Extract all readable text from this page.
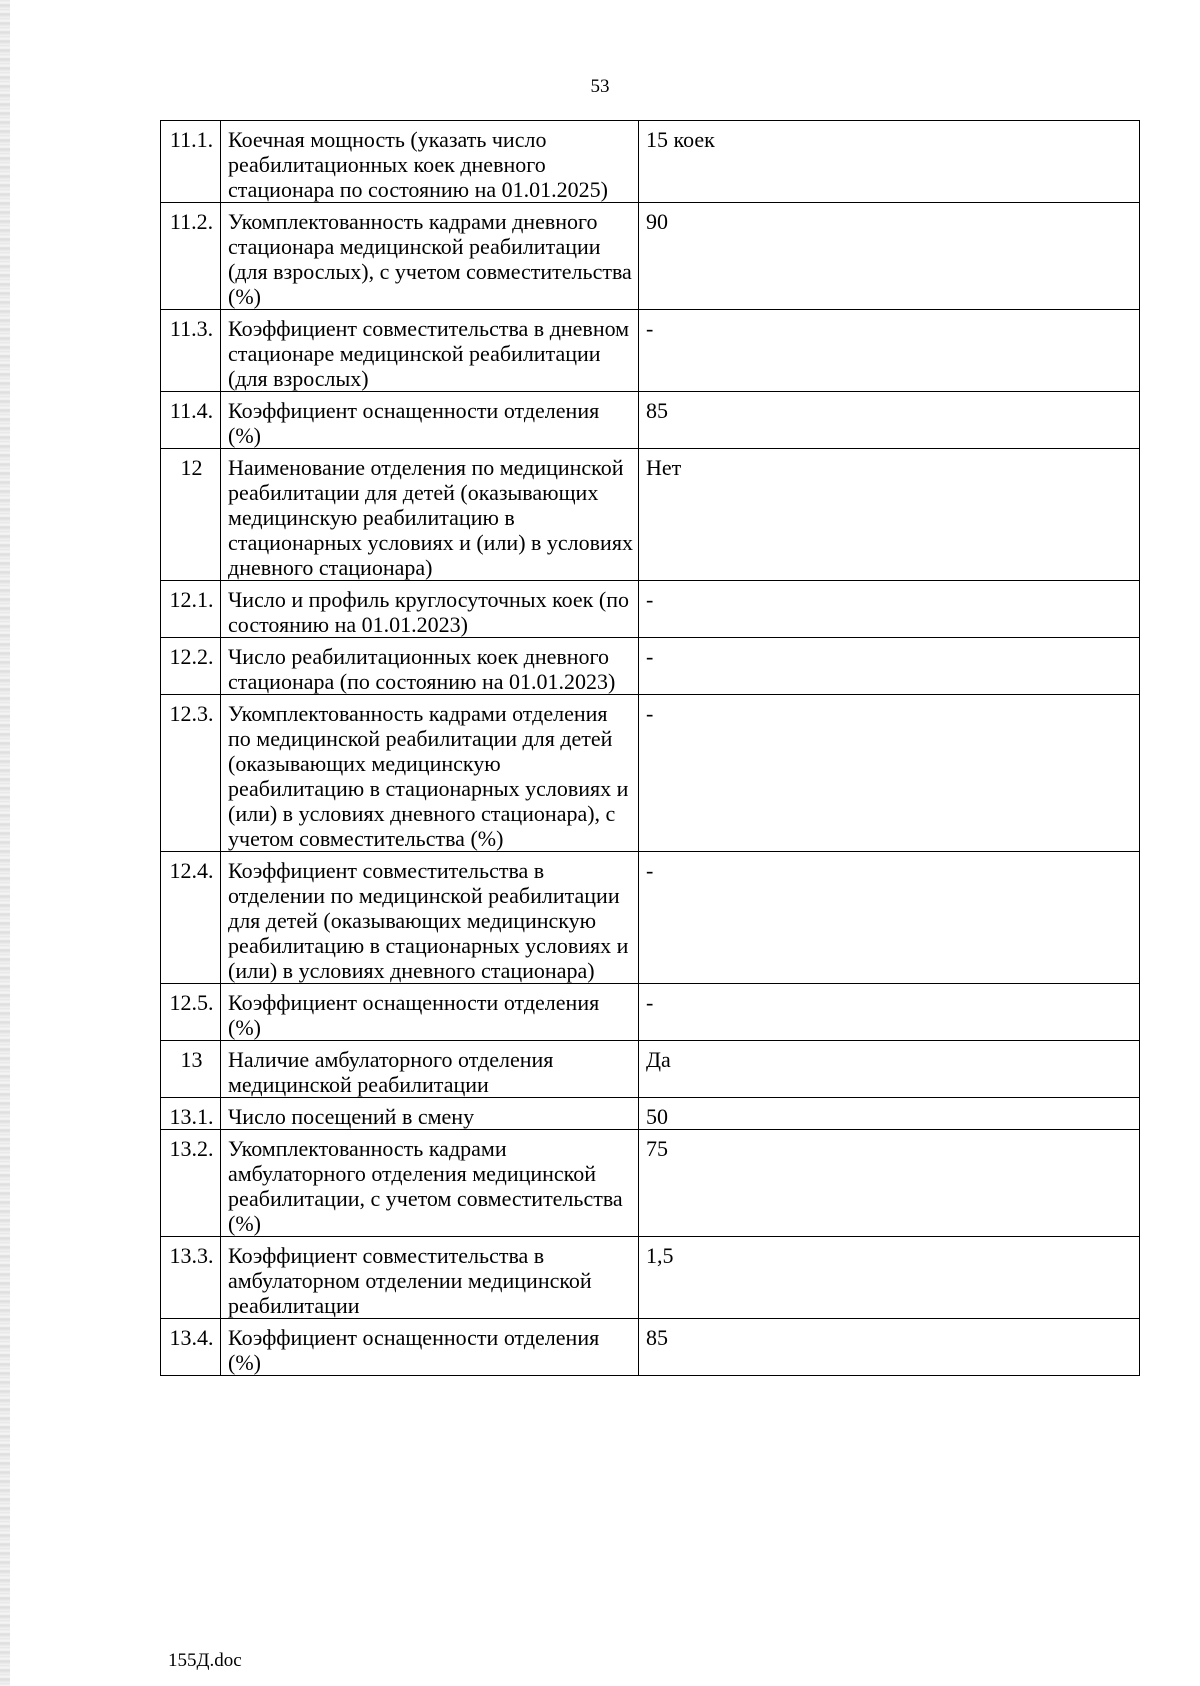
53
11.1.	Коечная мощность (указать число реабилитационных коек дневного стационара по состоянию на 01.01.2025)	15 коек
11.2.	Укомплектованность кадрами дневного стационара медицинской реабилитации (для взрослых), с учетом совместительства (%)	90
11.3.	Коэффициент совместительства в дневном стационаре медицинской реабилитации (для взрослых)	-
11.4.	Коэффициент оснащенности отделения (%)	85
12	Наименование отделения по медицинской реабилитации для детей (оказывающих медицинскую реабилитацию в стационарных условиях и (или) в условиях дневного стационара)	Нет
12.1.	Число и профиль круглосуточных коек (по состоянию на 01.01.2023)	-
12.2.	Число реабилитационных коек дневного стационара (по состоянию на 01.01.2023)	-
12.3.	Укомплектованность кадрами отделения по медицинской реабилитации для детей (оказывающих медицинскую реабилитацию в стационарных условиях и (или) в условиях дневного стационара), с учетом совместительства (%)	-
12.4.	Коэффициент совместительства в отделении по медицинской реабилитации для детей (оказывающих медицинскую реабилитацию в стационарных условиях и (или) в условиях дневного стационара)	-
12.5.	Коэффициент оснащенности отделения (%)	-
13	Наличие амбулаторного отделения медицинской реабилитации	Да
13.1.	Число посещений в смену	50
13.2.	Укомплектованность кадрами амбулаторного отделения медицинской реабилитации, с учетом совместительства (%)	75
13.3.	Коэффициент совместительства в амбулаторном отделении медицинской реабилитации	1,5
13.4.	Коэффициент оснащенности отделения (%)	85
155Д.doc
